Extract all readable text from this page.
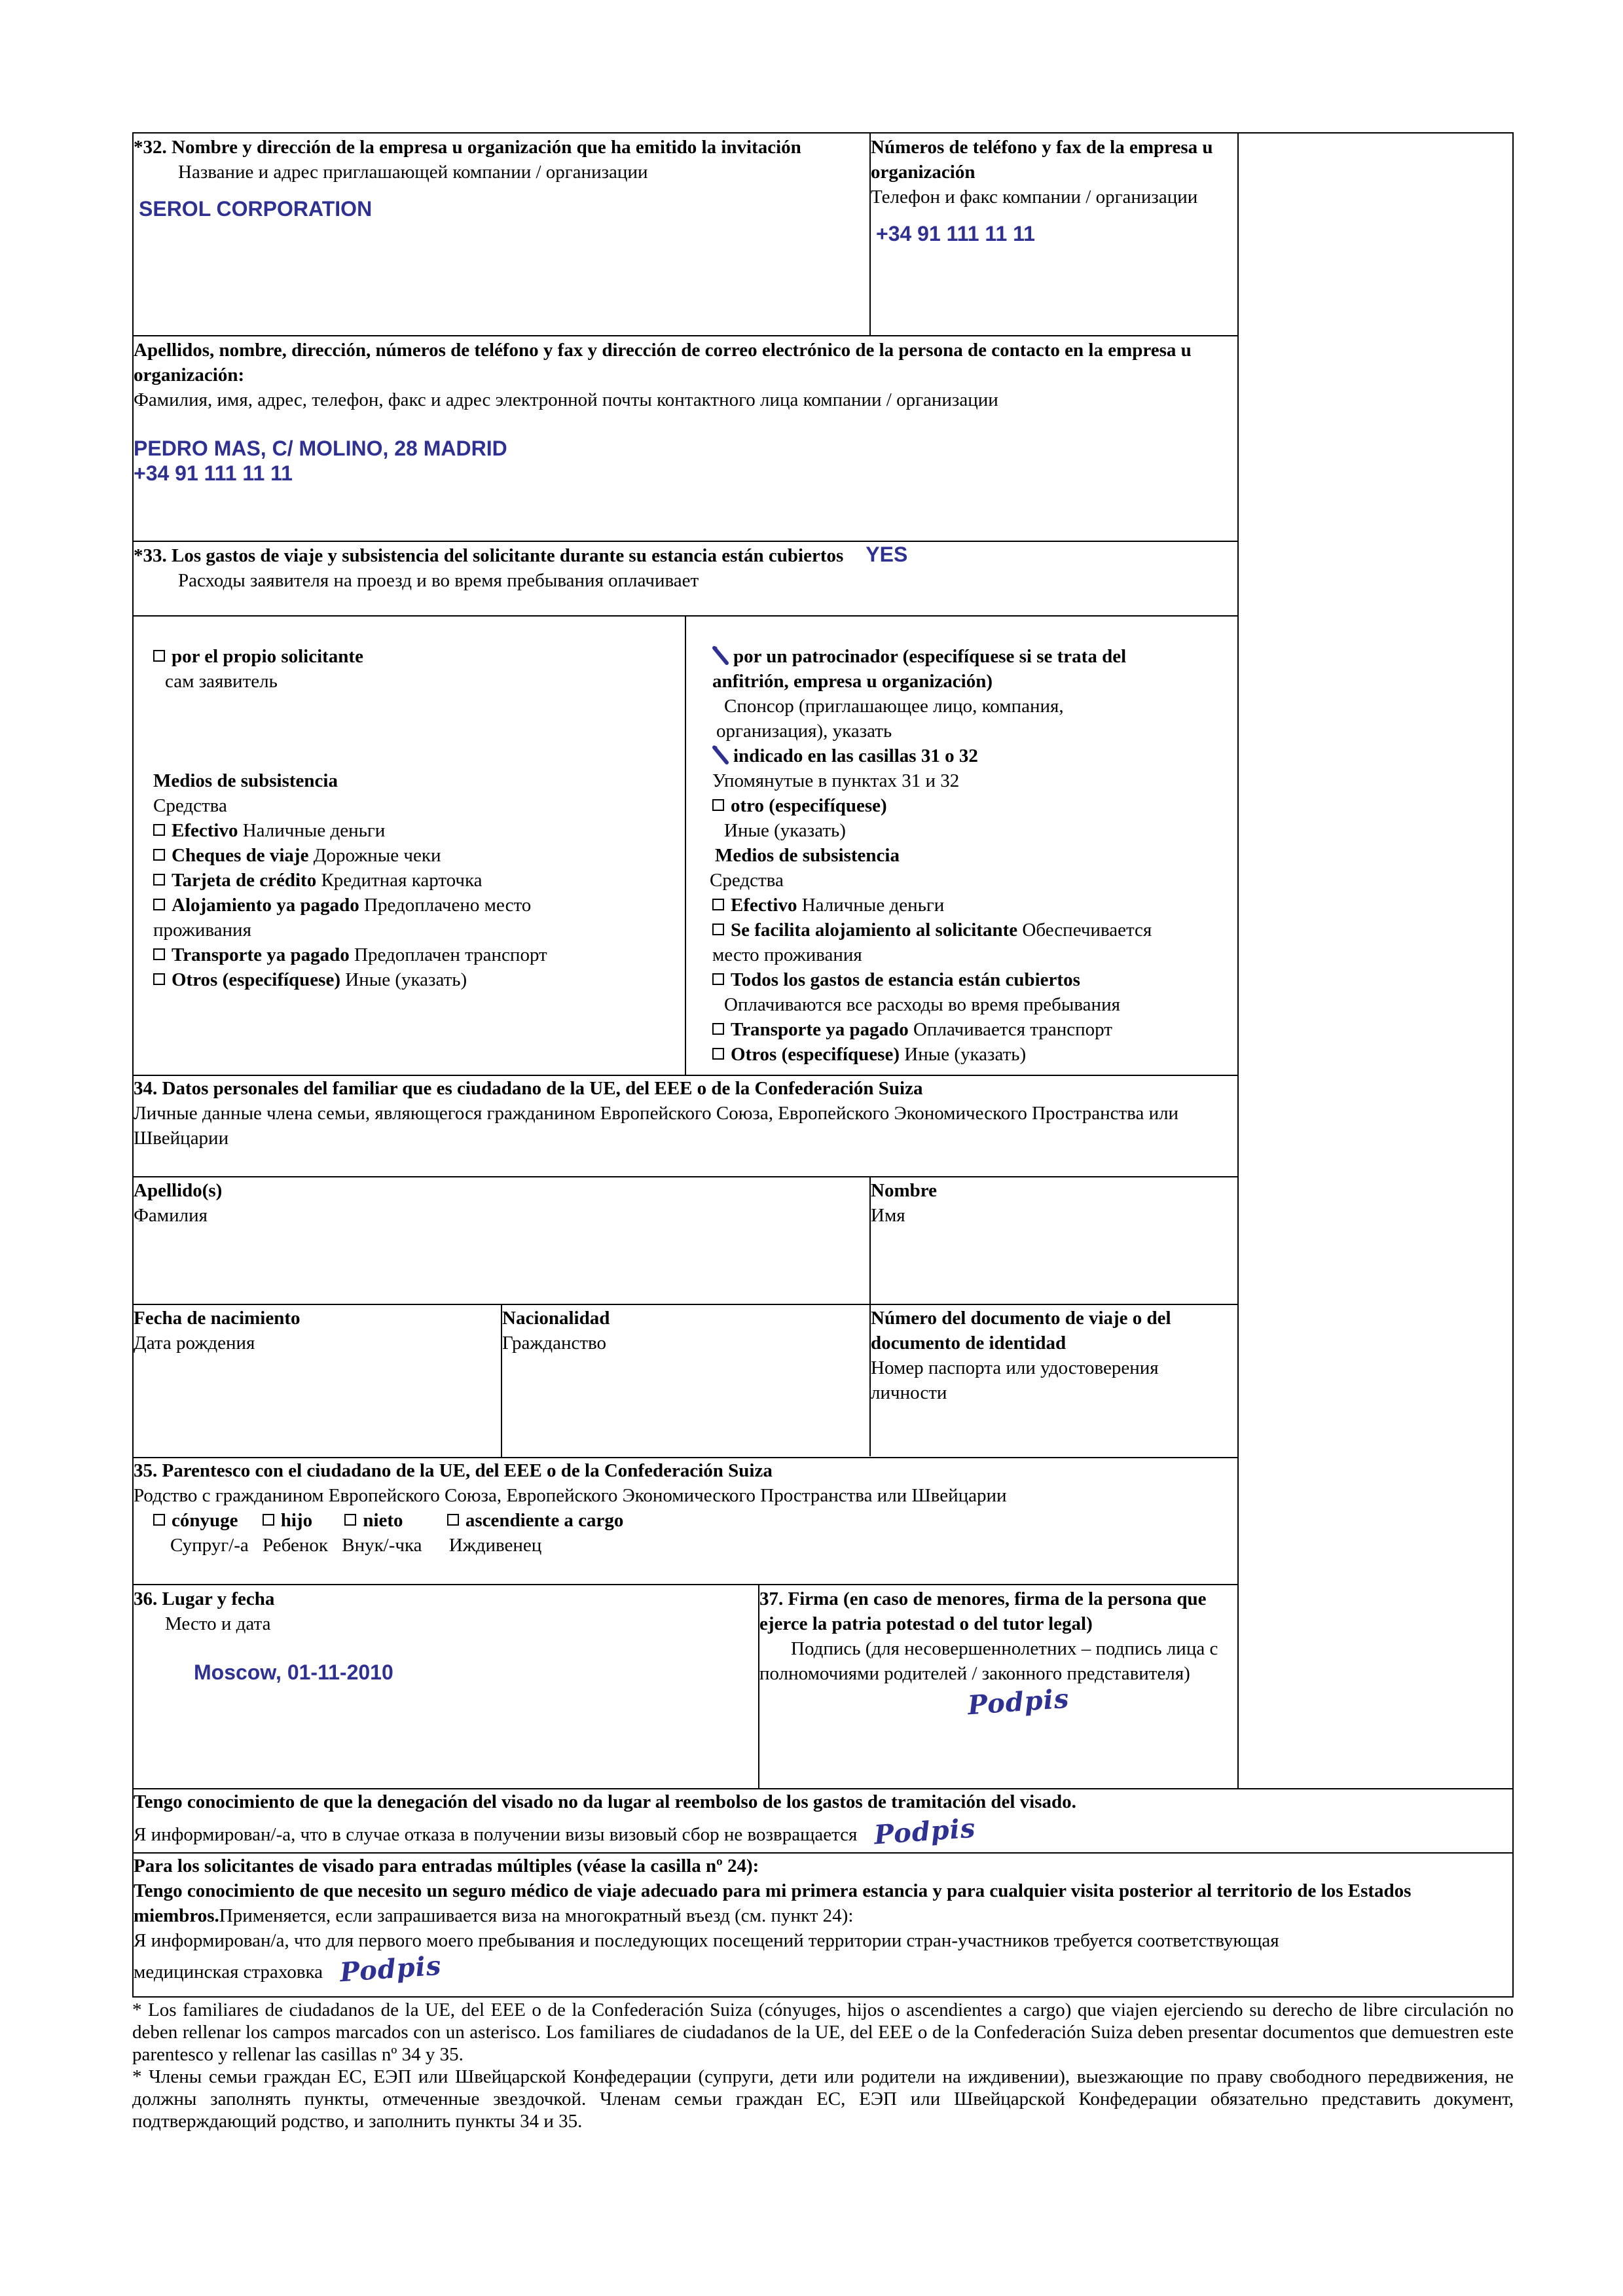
*32. Nombre y dirección de la empresa u organización que ha emitido la invitación
Название и адрес приглашающей компании / организации
SEROL CORPORATION
Números de teléfono y fax de la empresa u organización
Телефон и факс компании / организации
+34 91 111 11 11
Apellidos, nombre, dirección, números de teléfono y fax y dirección de correo electrónico de la persona de contacto en la empresa u organización:
Фамилия, имя, адрес, телефон, факс и адрес электронной почты контактного лица компании / организации
PEDRO MAS, C/ MOLINO, 28 MADRID
+34 91 111 11 11
*33. Los gastos de viaje y subsistencia del solicitante durante su estancia están cubiertos YES
Расходы заявителя на проезд и во время пребывания оплачивает
por el propio solicitante
сам заявитель
Medios de subsistencia
Средства
Efectivo Наличные деньги
Cheques de viaje Дорожные чеки
Tarjeta de crédito Кредитная карточка
Alojamiento ya pagado Предоплачено место
проживания
Transporte ya pagado Предоплачен транспорт
Otros (especifíquese) Иные (указать)
por un patrocinador (especifíquese si se trata del
anfitrión, empresa u organización)
Спонсор (приглашающее лицо, компания,
организация), указать
indicado en las casillas 31 o 32
Упомянутые в пунктах 31 и 32
otro (especifíquese)
Иные (указать)
Medios de subsistencia
Средства
Efectivo Наличные деньги
Se facilita alojamiento al solicitante Обеспечивается
место проживания
Todos los gastos de estancia están cubiertos
Оплачиваются все расходы во время пребывания
Transporte ya pagado Оплачивается транспорт
Otros (especifíquese) Иные (указать)
34. Datos personales del familiar que es ciudadano de la UE, del EEE o de la Confederación Suiza
Личные данные члена семьи, являющегося гражданином Европейского Союза, Европейского Экономического Пространства или Швейцарии
Apellido(s)
Фамилия
Nombre
Имя
Fecha de nacimiento
Дата рождения
Nacionalidad
Гражданство
Número del documento de viaje o del documento de identidad
Номер паспорта или удостоверения личности
35. Parentesco con el ciudadano de la UE, del EEE o de la Confederación Suiza
Родство с гражданином Европейского Союза, Европейского Экономического Пространства или Швейцарии
cónyuge hijo	nieto	ascendiente a cargo
Супруг/-а Ребенок Внук/-чка Иждивенец
36. Lugar y fecha
Место и дата
Moscow, 01-11-2010
37. Firma (en caso de menores, firma de la persona que ejerce la patria potestad o del tutor legal)
Подпись (для несовершеннолетних – подпись лица с полномочиями родителей / законного представителя)
Podpis
Tengo conocimiento de que la denegación del visado no da lugar al reembolso de los gastos de tramitación del visado.
Я информирован/-а, что в случае отказа в получении визы визовый сбор не возвращается Podpis
Para los solicitantes de visado para entradas múltiples (véase la casilla nº 24):
Tengo conocimiento de que necesito un seguro médico de viaje adecuado para mi primera estancia y para cualquier visita posterior al territorio de los Estados miembros.Применяется, если запрашивается виза на многократный въезд (см. пункт 24):
Я информирован/а, что для первого моего пребывания и последующих посещений территории стран-участников требуется соответствующая
медицинская страховка Podpis

* Los familiares de ciudadanos de la UE, del EEE o de la Confederación Suiza (cónyuges, hijos o ascendientes a cargo) que viajen ejerciendo su derecho de libre circulación no deben rellenar los campos marcados con un asterisco. Los familiares de ciudadanos de la UE, del EEE o de la Confederación Suiza deben presentar documentos que demuestren este parentesco y rellenar las casillas nº 34 y 35.

* Члены семьи граждан ЕС, ЕЭП или Швейцарской Конфедерации (супруги, дети или родители на иждивении), выезжающие по праву свободного передвижения, не должны заполнять пункты, отмеченные звездочкой. Членам семьи граждан ЕС, ЕЭП или Швейцарской Конфедерации обязательно представить документ, подтверждающий родство, и заполнить пункты 34 и 35.
